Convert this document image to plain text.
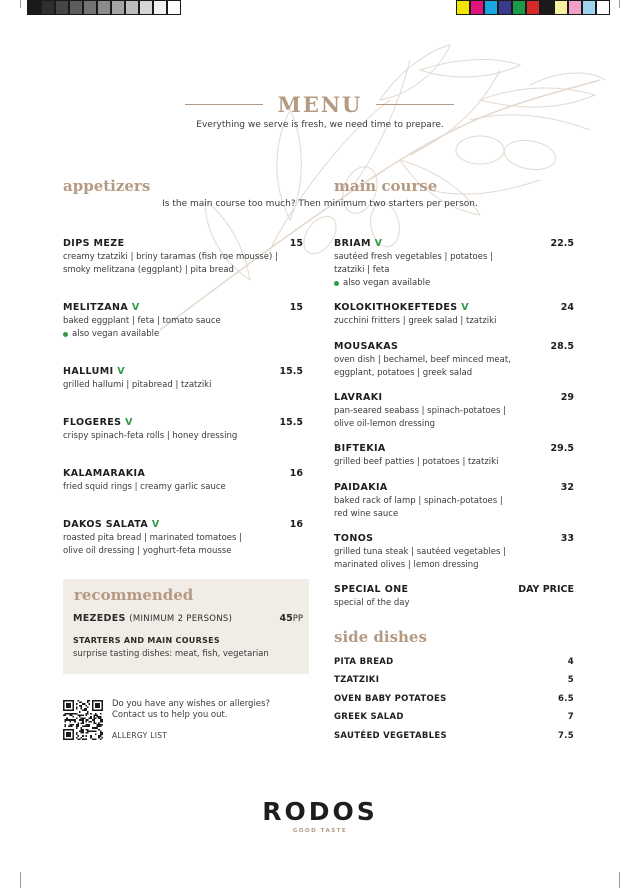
MENU
Everything we serve is fresh, we need time to prepare.
appetizers	main course
Is the main course too much? Then minimum two starters per person.
DIPS MEZE	15
creamy tzatziki | briny taramas (fish roe mousse) |
smoky melitzana (eggplant) | pita bread
MELITZANA V	15
baked eggplant | feta | tomato sauce
also vegan available
HALLUMI V	15.5
grilled hallumi | pitabread | tzatziki
FLOGERES V	15.5
crispy spinach-feta rolls | honey dressing
KALAMARAKIA	16
fried squid rings | creamy garlic sauce
DAKOS SALATA V	16
roasted pita bread | marinated tomatoes |
olive oil dressing | yoghurt-feta mousse
BRIAM V	22.5
sautéed fresh vegetables | potatoes |
tzatziki | feta
also vegan available
KOLOKITHOKEFTEDES V	24
zucchini fritters | greek salad | tzatziki
MOUSAKAS	28.5
oven dish | bechamel, beef minced meat,
eggplant, potatoes | greek salad
LAVRAKI	29
pan-seared seabass | spinach-potatoes |
olive oil-lemon dressing
BIFTEKIA	29.5
grilled beef patties | potatoes | tzatziki
PAIDAKIA	32
baked rack of lamp | spinach-potatoes |
red wine sauce
TONOS	33
grilled tuna steak | sautéed vegetables |
marinated olives | lemon dressing
SPECIAL ONE	DAY PRICE
special of the day
side dishes
PITA BREAD	4
TZATZIKI	5
OVEN BABY POTATOES	6.5
GREEK SALAD	7
SAUTÉED VEGETABLES	7.5
recommended
MEZEDES (MINIMUM 2 PERSONS)	45PP
STARTERS AND MAIN COURSES
surprise tasting dishes: meat, fish, vegetarian
Do you have any wishes or allergies?
Contact us to help you out.
ALLERGY LIST
RODOS
GOOD TASTE
